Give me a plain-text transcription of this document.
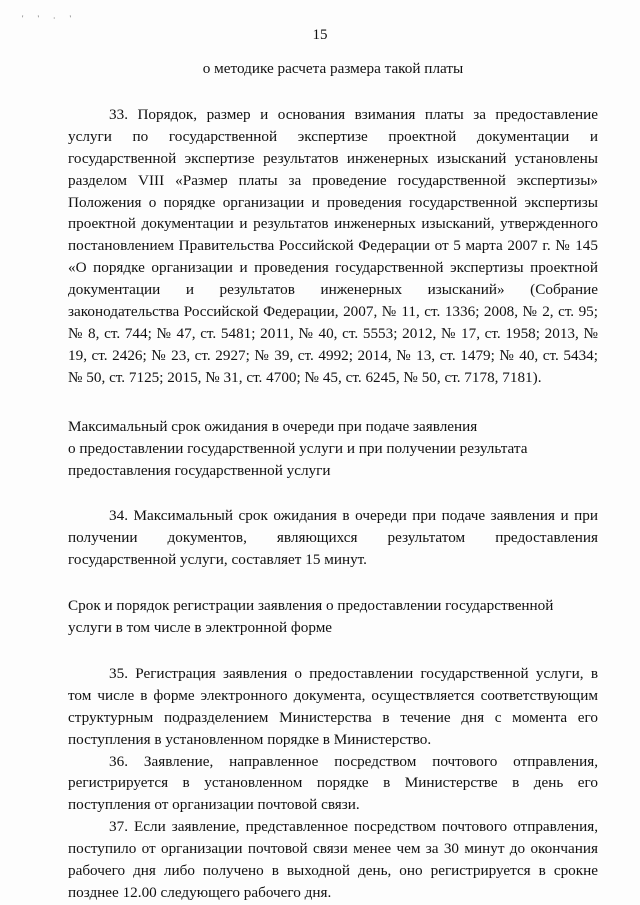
' ' · '
15

о методике расчета размера такой платы

33. Порядок, размер и основания взимания платы за предоставление услуги по государственной экспертизе проектной документации и государственной экспертизе результатов инженерных изысканий установлены разделом VIII «Размер платы за проведение государственной экспертизы» Положения о порядке организации и проведения государственной экспертизы проектной документации и результатов инженерных изысканий, утвержденного постановлением Правительства Российской Федерации от 5 марта 2007 г. № 145 «О порядке организации и проведения государственной экспертизы проектной документации и результатов инженерных изысканий» (Собрание законодательства Российской Федерации, 2007, № 11, ст. 1336; 2008, № 2, ст. 95; № 8, ст. 744; № 47, ст. 5481; 2011, № 40, ст. 5553; 2012, № 17, ст. 1958; 2013, № 19, ст. 2426; № 23, ст. 2927; № 39, ст. 4992; 2014, № 13, ст. 1479; № 40, ст. 5434; № 50, ст. 7125; 2015, № 31, ст. 4700; № 45, ст. 6245, № 50, ст. 7178, 7181).

Максимальный срок ожидания в очереди при подаче заявления

о предоставлении государственной услуги и при получении результата

предоставления государственной услуги

34. Максимальный срок ожидания в очереди при подаче заявления и при получении документов, являющихся результатом предоставления государственной услуги, составляет 15 минут.

Срок и порядок регистрации заявления о предоставлении государственной

услуги в том числе в электронной форме

35. Регистрация заявления о предоставлении государственной услуги, в том числе в форме электронного документа, осуществляется соответствующим структурным подразделением Министерства в течение дня с момента его поступления в установленном порядке в Министерство.

36. Заявление, направленное посредством почтового отправления, регистрируется в установленном порядке в Министерстве в день его поступления от организации почтовой связи.

37. Если заявление, представленное посредством почтового отправления, поступило от организации почтовой связи менее чем за 30 минут до окончания рабочего дня либо получено в выходной день, оно регистрируется в срокне позднее 12.00 следующего рабочего дня.
